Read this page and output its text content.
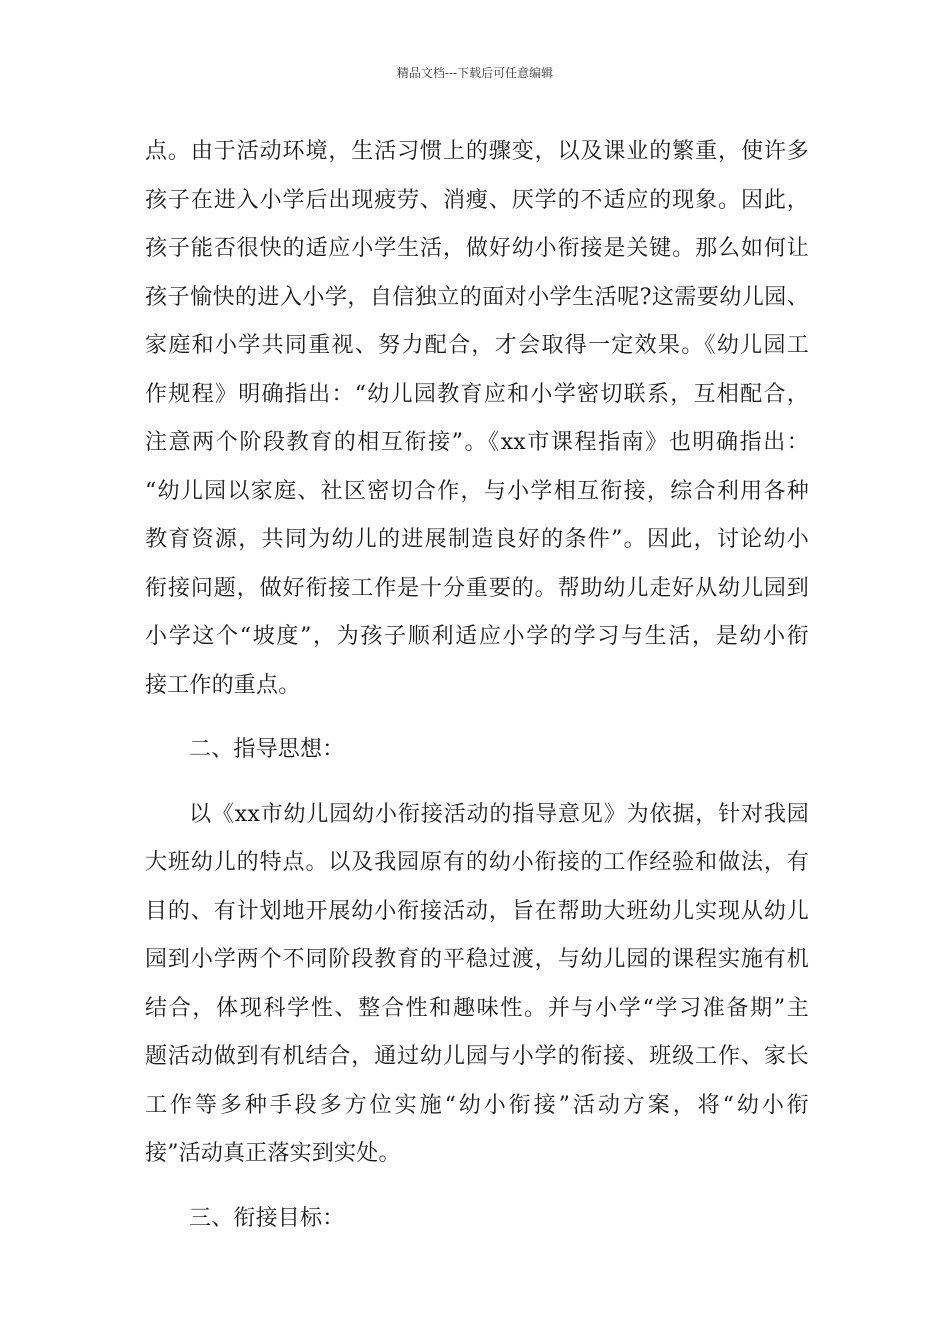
精品文档---下载后可任意编辑
点。由于活动环境，生活习惯上的骤变，以及课业的繁重，使许多
孩子在进入小学后出现疲劳、消瘦、厌学的不适应的现象。因此，
孩子能否很快的适应小学生活，做好幼小衔接是关键。那么如何让
孩子愉快的进入小学，自信独立的面对小学生活呢?这需要幼儿园、
家庭和小学共同重视、努力配合，才会取得一定效果。《幼儿园工
作规程》明确指出：“幼儿园教育应和小学密切联系，互相配合，
注意两个阶段教育的相互衔接”。《xx市课程指南》也明确指出：
“幼儿园以家庭、社区密切合作，与小学相互衔接，综合利用各种
教育资源，共同为幼儿的进展制造良好的条件”。因此，讨论幼小
衔接问题，做好衔接工作是十分重要的。帮助幼儿走好从幼儿园到
小学这个“坡度”，为孩子顺利适应小学的学习与生活，是幼小衔
接工作的重点。
二、指导思想：
以《xx市幼儿园幼小衔接活动的指导意见》为依据，针对我园
大班幼儿的特点。以及我园原有的幼小衔接的工作经验和做法，有
目的、有计划地开展幼小衔接活动，旨在帮助大班幼儿实现从幼儿
园到小学两个不同阶段教育的平稳过渡，与幼儿园的课程实施有机
结合，体现科学性、整合性和趣味性。并与小学“学习准备期”主
题活动做到有机结合，通过幼儿园与小学的衔接、班级工作、家长
工作等多种手段多方位实施“幼小衔接”活动方案，将“幼小衔
接”活动真正落实到实处。
三、衔接目标：
